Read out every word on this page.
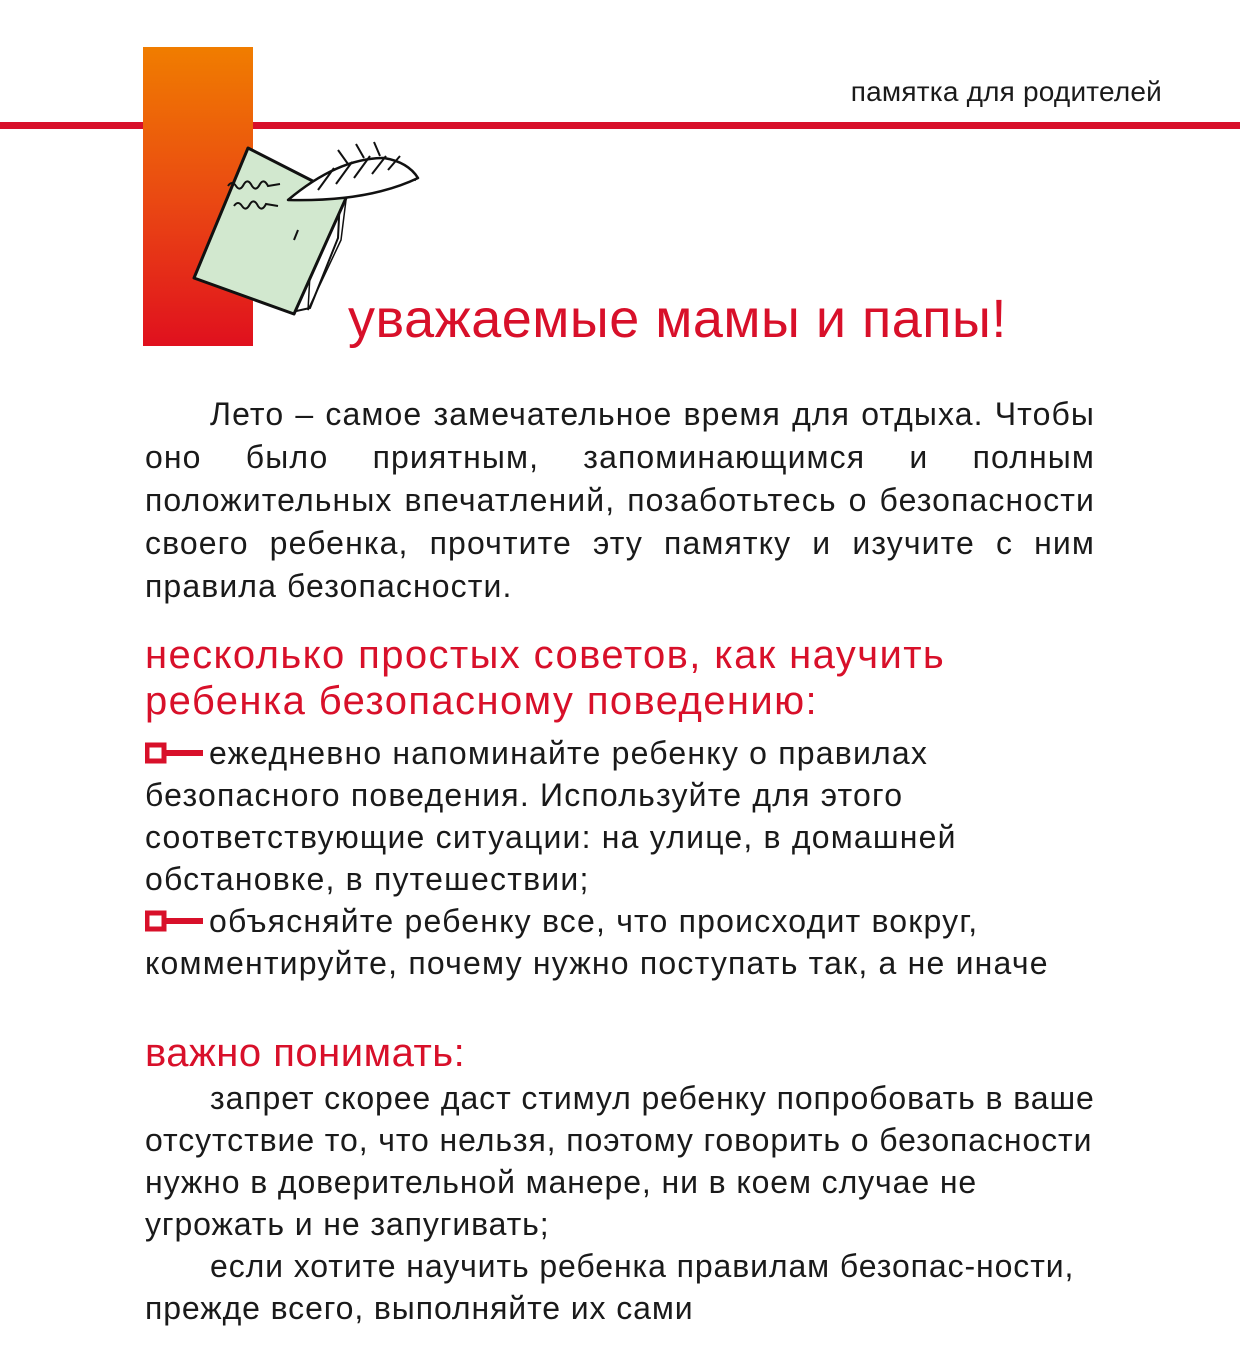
памятка для родителей
уважаемые мамы и папы!

Лето – самое замечательное время для отдыха. Чтобы оно было приятным, запоминающимся и полным положительных впечатлений, позаботьтесь о безопасности своего ребенка, прочтите эту памятку и изучите с ним правила безопасности.

несколько простых советов, как научить ребенка безопасному поведению:

ежедневно напоминайте ребенку о правилах безопасного поведения. Используйте для этого соответствующие ситуации: на улице, в домашней обстановке, в путешествии;

объясняйте ребенку все, что происходит вокруг, комментируйте, почему нужно поступать так, а не иначе

важно понимать:

запрет скорее даст стимул ребенку попробовать в ваше отсутствие то, что нельзя, поэтому говорить о безопасности нужно в доверительной манере, ни в коем случае не угрожать и не запугивать;

если хотите научить ребенка правилам безопас-ности, прежде всего, выполняйте их сами
